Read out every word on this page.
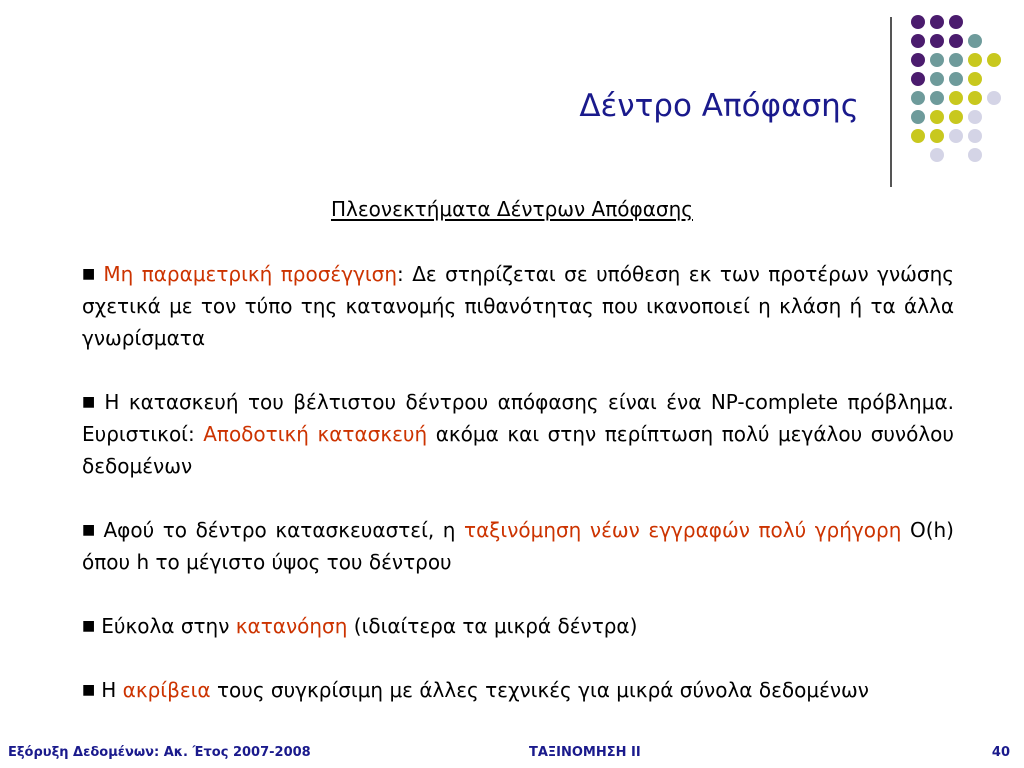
Δέντρο Απόφασης
Πλεονεκτήματα Δέντρων Απόφασης

■ Μη παραμετρική προσέγγιση: Δε στηρίζεται σε υπόθεση εκ των προτέρων γνώσης σχετικά με τον τύπο της κατανομής πιθανότητας που ικανοποιεί η κλάση ή τα άλλα γνωρίσματα

■ Η κατασκευή του βέλτιστου δέντρου απόφασης είναι ένα NP-complete πρόβλημα. Ευριστικοί: Αποδοτική κατασκευή ακόμα και στην περίπτωση πολύ μεγάλου συνόλου δεδομένων

■ Αφού το δέντρο κατασκευαστεί, η ταξινόμηση νέων εγγραφών πολύ γρήγορη O(h) όπου h το μέγιστο ύψος του δέντρου

■ Εύκολα στην κατανόηση (ιδιαίτερα τα μικρά δέντρα)

■ Η ακρίβεια τους συγκρίσιμη με άλλες τεχνικές για μικρά σύνολα δεδομένων

Εξόρυξη Δεδομένων: Ακ. Έτος 2007-2008	ΤΑΞΙΝΟΜΗΣΗ ΙΙ	40
